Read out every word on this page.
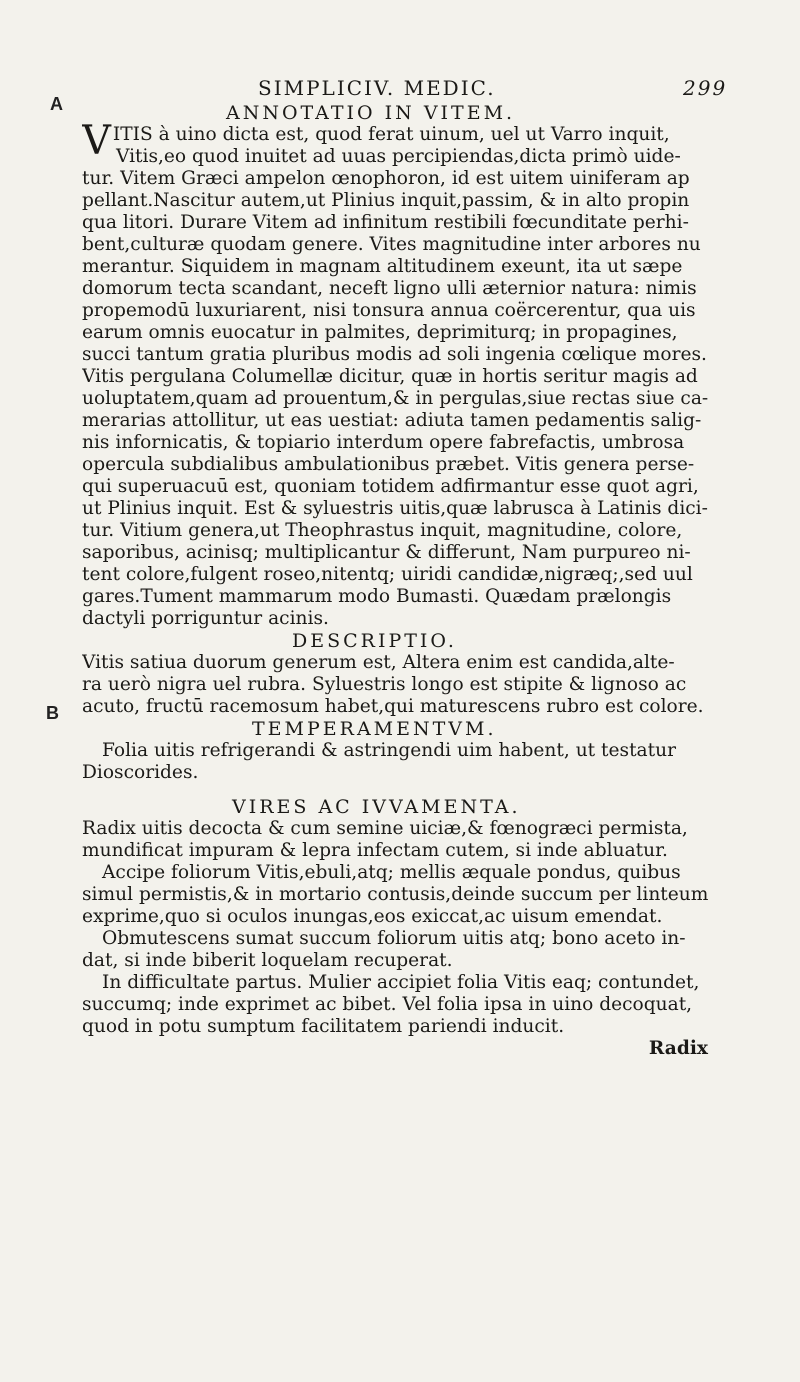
SIMPLICIV. MEDIC.	299
A
B
ANNOTATIO IN VITEM.
VITIS à uino dicta est, quod ferat uinum, uel ut Varro inquit,
Vitis,eo quod inuitet ad uuas percipiendas,dicta primò uide-
tur. Vitem Græci ampelon œnophoron, id est uitem uiniferam ap
pellant.Nascitur autem,ut Plinius inquit,passim, & in alto propin
qua litori. Durare Vitem ad infinitum restibili fœcunditate perhi-
bent,culturæ quodam genere. Vites magnitudine inter arbores nu
merantur. Siquidem in magnam altitudinem exeunt, ita ut sæpe
domorum tecta scandant, neceft ligno ulli æternior natura: nimis
propemodū luxuriarent, nisi tonsura annua coërcerentur, qua uis
earum omnis euocatur in palmites, deprimiturq; in propagines,
succi tantum gratia pluribus modis ad soli ingenia cœlique mores.
Vitis pergulana Columellæ dicitur, quæ in hortis seritur magis ad
uoluptatem,quam ad prouentum,& in pergulas,siue rectas siue ca-
merarias attollitur, ut eas uestiat: adiuta tamen pedamentis salig-
nis infornicatis, & topiario interdum opere fabrefactis, umbrosa
opercula subdialibus ambulationibus præbet. Vitis genera perse-
qui superuacuū est, quoniam totidem adfirmantur esse quot agri,
ut Plinius inquit. Est & syluestris uitis,quæ labrusca à Latinis dici-
tur. Vitium genera,ut Theophrastus inquit, magnitudine, colore,
saporibus, acinisq; multiplicantur & differunt, Nam purpureo ni-
tent colore,fulgent roseo,nitentq; uiridi candidæ,nigræq;,sed uul
gares.Tument mammarum modo Bumasti. Quædam prælongis
dactyli porriguntur acinis.
DESCRIPTIO.
Vitis satiua duorum generum est, Altera enim est candida,alte-
ra uerò nigra uel rubra. Syluestris longo est stipite & lignoso ac
acuto, fructū racemosum habet,qui maturescens rubro est colore.
TEMPERAMENTVM.
Folia uitis refrigerandi & astringendi uim habent, ut testatur
Dioscorides.
VIRES AC IVVAMENTA.
Radix uitis decocta & cum semine uiciæ,& fœnogræci permista,
mundificat impuram & lepra infectam cutem, si inde abluatur.
Accipe foliorum Vitis,ebuli,atq; mellis æquale pondus, quibus
simul permistis,& in mortario contusis,deinde succum per linteum
exprime,quo si oculos inungas,eos exiccat,ac uisum emendat.
Obmutescens sumat succum foliorum uitis atq; bono aceto in-
dat, si inde biberit loquelam recuperat.
In difficultate partus. Mulier accipiet folia Vitis eaq; contundet,
succumq; inde exprimet ac bibet. Vel folia ipsa in uino decoquat,
quod in potu sumptum facilitatem pariendi inducit.
Radix
